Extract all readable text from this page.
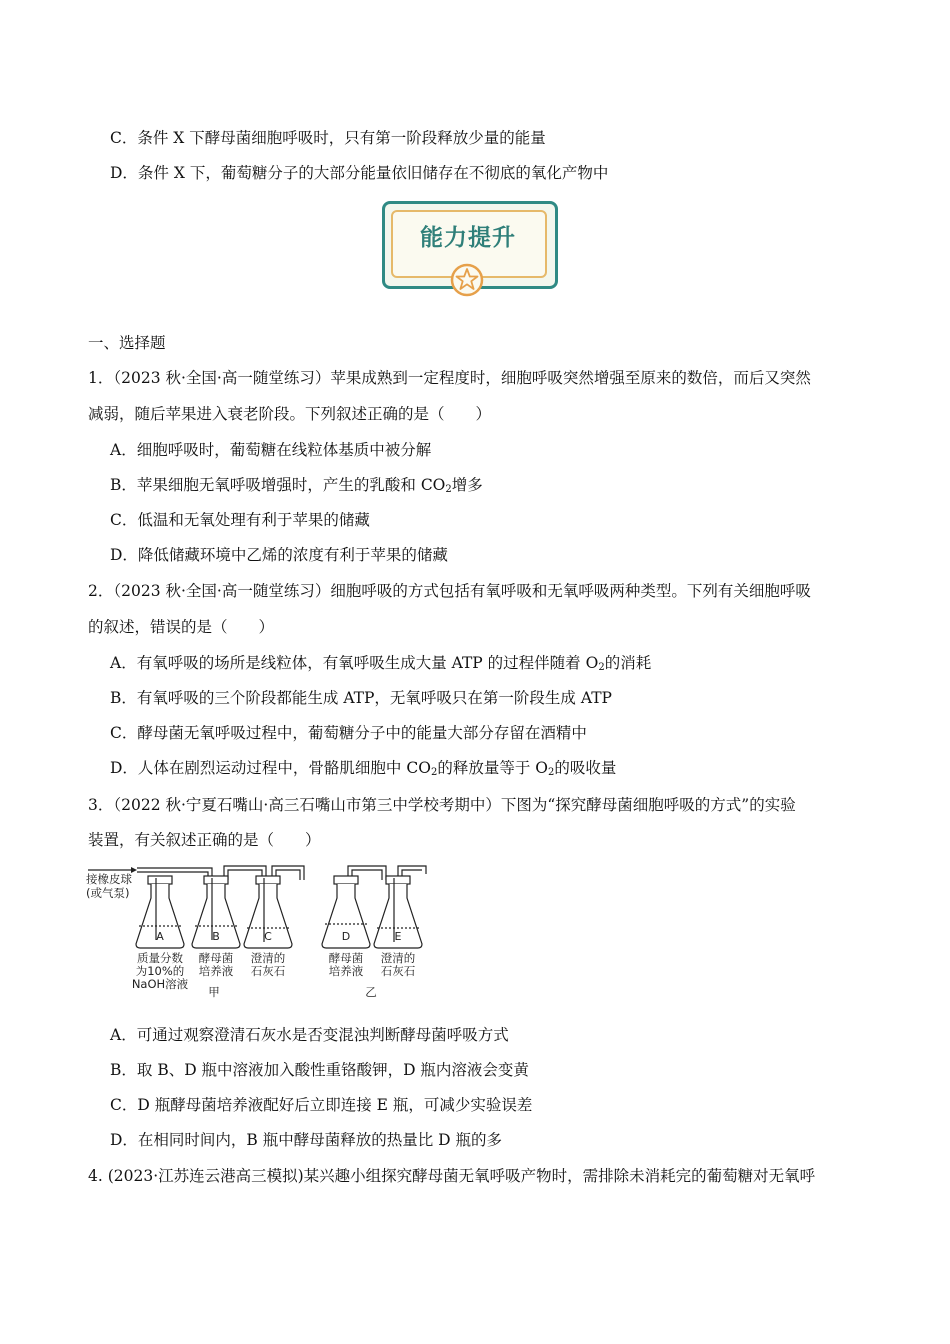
C．条件 X 下酵母菌细胞呼吸时，只有第一阶段释放少量的能量
D．条件 X 下，葡萄糖分子的大部分能量依旧储存在不彻底的氧化产物中
能力提升
一、选择题
1．（2023 秋·全国·高一随堂练习）苹果成熟到一定程度时，细胞呼吸突然增强至原来的数倍，而后又突然
减弱，随后苹果进入衰老阶段。下列叙述正确的是（　　）
A．细胞呼吸时，葡萄糖在线粒体基质中被分解
B．苹果细胞无氧呼吸增强时，产生的乳酸和 $CO_2$增多
C．低温和无氧处理有利于苹果的储藏
D．降低储藏环境中乙烯的浓度有利于苹果的储藏
2．（2023 秋·全国·高一随堂练习）细胞呼吸的方式包括有氧呼吸和无氧呼吸两种类型。下列有关细胞呼吸
的叙述，错误的是（　　）
A．有氧呼吸的场所是线粒体，有氧呼吸生成大量 ATP 的过程伴随着 $O_2$的消耗
B．有氧呼吸的三个阶段都能生成 ATP，无氧呼吸只在第一阶段生成 ATP
C．酵母菌无氧呼吸过程中，葡萄糖分子中的能量大部分存留在酒精中
D．人体在剧烈运动过程中，骨骼肌细胞中 $CO_2$的释放量等于 $O_2$的吸收量
3．（2022 秋·宁夏石嘴山·高三石嘴山市第三中学校考期中）下图为“探究酵母菌细胞呼吸的方式”的实验
装置，有关叙述正确的是（　　）
A	B	C	D	E
接橡皮球
(或气泵)
质量分数
为10%的
NaOH溶液
酵母菌
培养液
澄清的
石灰石
酵母菌
培养液
澄清的
石灰石
甲	乙
A．可通过观察澄清石灰水是否变混浊判断酵母菌呼吸方式
B．取 B、D 瓶中溶液加入酸性重铬酸钾，D 瓶内溶液会变黄
C．D 瓶酵母菌培养液配好后立即连接 E 瓶，可减少实验误差
D．在相同时间内，B 瓶中酵母菌释放的热量比 D 瓶的多
4. (2023·江苏连云港高三模拟)某兴趣小组探究酵母菌无氧呼吸产物时，需排除未消耗完的葡萄糖对无氧呼
